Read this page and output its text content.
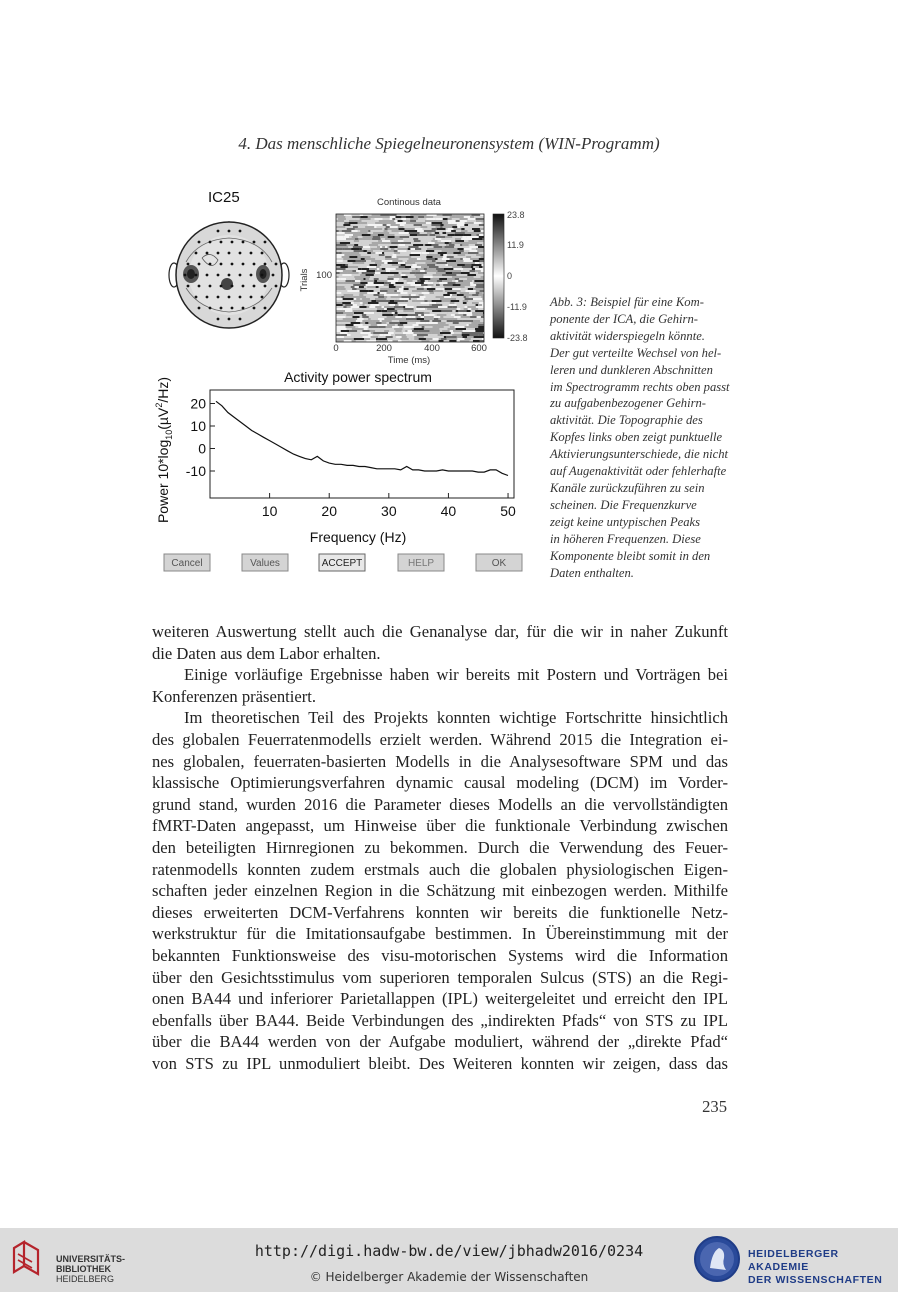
4. Das menschliche Spiegelneuronensystem (WIN-Programm)
IC25	Continous data
Trials 100
0	200	400	600
Time (ms)
23.8
11.9
0
-11.9
-23.8
Activity power spectrum
10	20	30	40	50
20
10
0
-10
Frequency (Hz)
Power $10*\log_{10}(\mu V^2/Hz)$
Cancel	Values	ACCEPT	HELP	OK
Abb. 3: Beispiel für eine Kom-
ponente der ICA, die Gehirn-
aktivität widerspiegeln könnte.
Der gut verteilte Wechsel von hel-
leren und dunkleren Abschnitten
im Spectrogramm rechts oben passt
zu aufgabenbezogener Gehirn-
aktivität. Die Topographie des
Kopfes links oben zeigt punktuelle
Aktivierungsunterschiede, die nicht
auf Augenaktivität oder fehlerhafte
Kanäle zurückzuführen zu sein
scheinen. Die Frequenzkurve
zeigt keine untypischen Peaks
in höheren Frequenzen. Diese
Komponente bleibt somit in den
Daten enthalten.
weiteren Auswertung stellt auch die Genanalyse dar, für die wir in naher Zukunft
die Daten aus dem Labor erhalten.
Einige vorläufige Ergebnisse haben wir bereits mit Postern und Vorträgen bei
Konferenzen präsentiert.
Im theoretischen Teil des Projekts konnten wichtige Fortschritte hinsichtlich
des globalen Feuerratenmodells erzielt werden. Während 2015 die Integration ei-
nes globalen, feuerraten-basierten Modells in die Analysesoftware SPM und das
klassische Optimierungsverfahren dynamic causal modeling (DCM) im Vorder-
grund stand, wurden 2016 die Parameter dieses Modells an die vervollständigten
fMRT-Daten angepasst, um Hinweise über die funktionale Verbindung zwischen
den beteiligten Hirnregionen zu bekommen. Durch die Verwendung des Feuer-
ratenmodells konnten zudem erstmals auch die globalen physiologischen Eigen-
schaften jeder einzelnen Region in die Schätzung mit einbezogen werden. Mithilfe
dieses erweiterten DCM-Verfahrens konnten wir bereits die funktionelle Netz-
werkstruktur für die Imitationsaufgabe bestimmen. In Übereinstimmung mit der
bekannten Funktionsweise des visu-motorischen Systems wird die Information
über den Gesichtsstimulus vom superioren temporalen Sulcus (STS) an die Regi-
onen BA44 und inferiorer Parietallappen (IPL) weitergeleitet und erreicht den IPL
ebenfalls über BA44. Beide Verbindungen des „indirekten Pfads“ von STS zu IPL
über die BA44 werden von der Aufgabe moduliert, während der „direkte Pfad“
von STS zu IPL unmoduliert bleibt. Des Weiteren konnten wir zeigen, dass das
235
UNIVERSITÄTS-
BIBLIOTHEK
HEIDELBERG
http://digi.hadw-bw.de/view/jbhadw2016/0234
© Heidelberger Akademie der Wissenschaften
HEIDELBERGER AKADEMIE
DER WISSENSCHAFTEN
